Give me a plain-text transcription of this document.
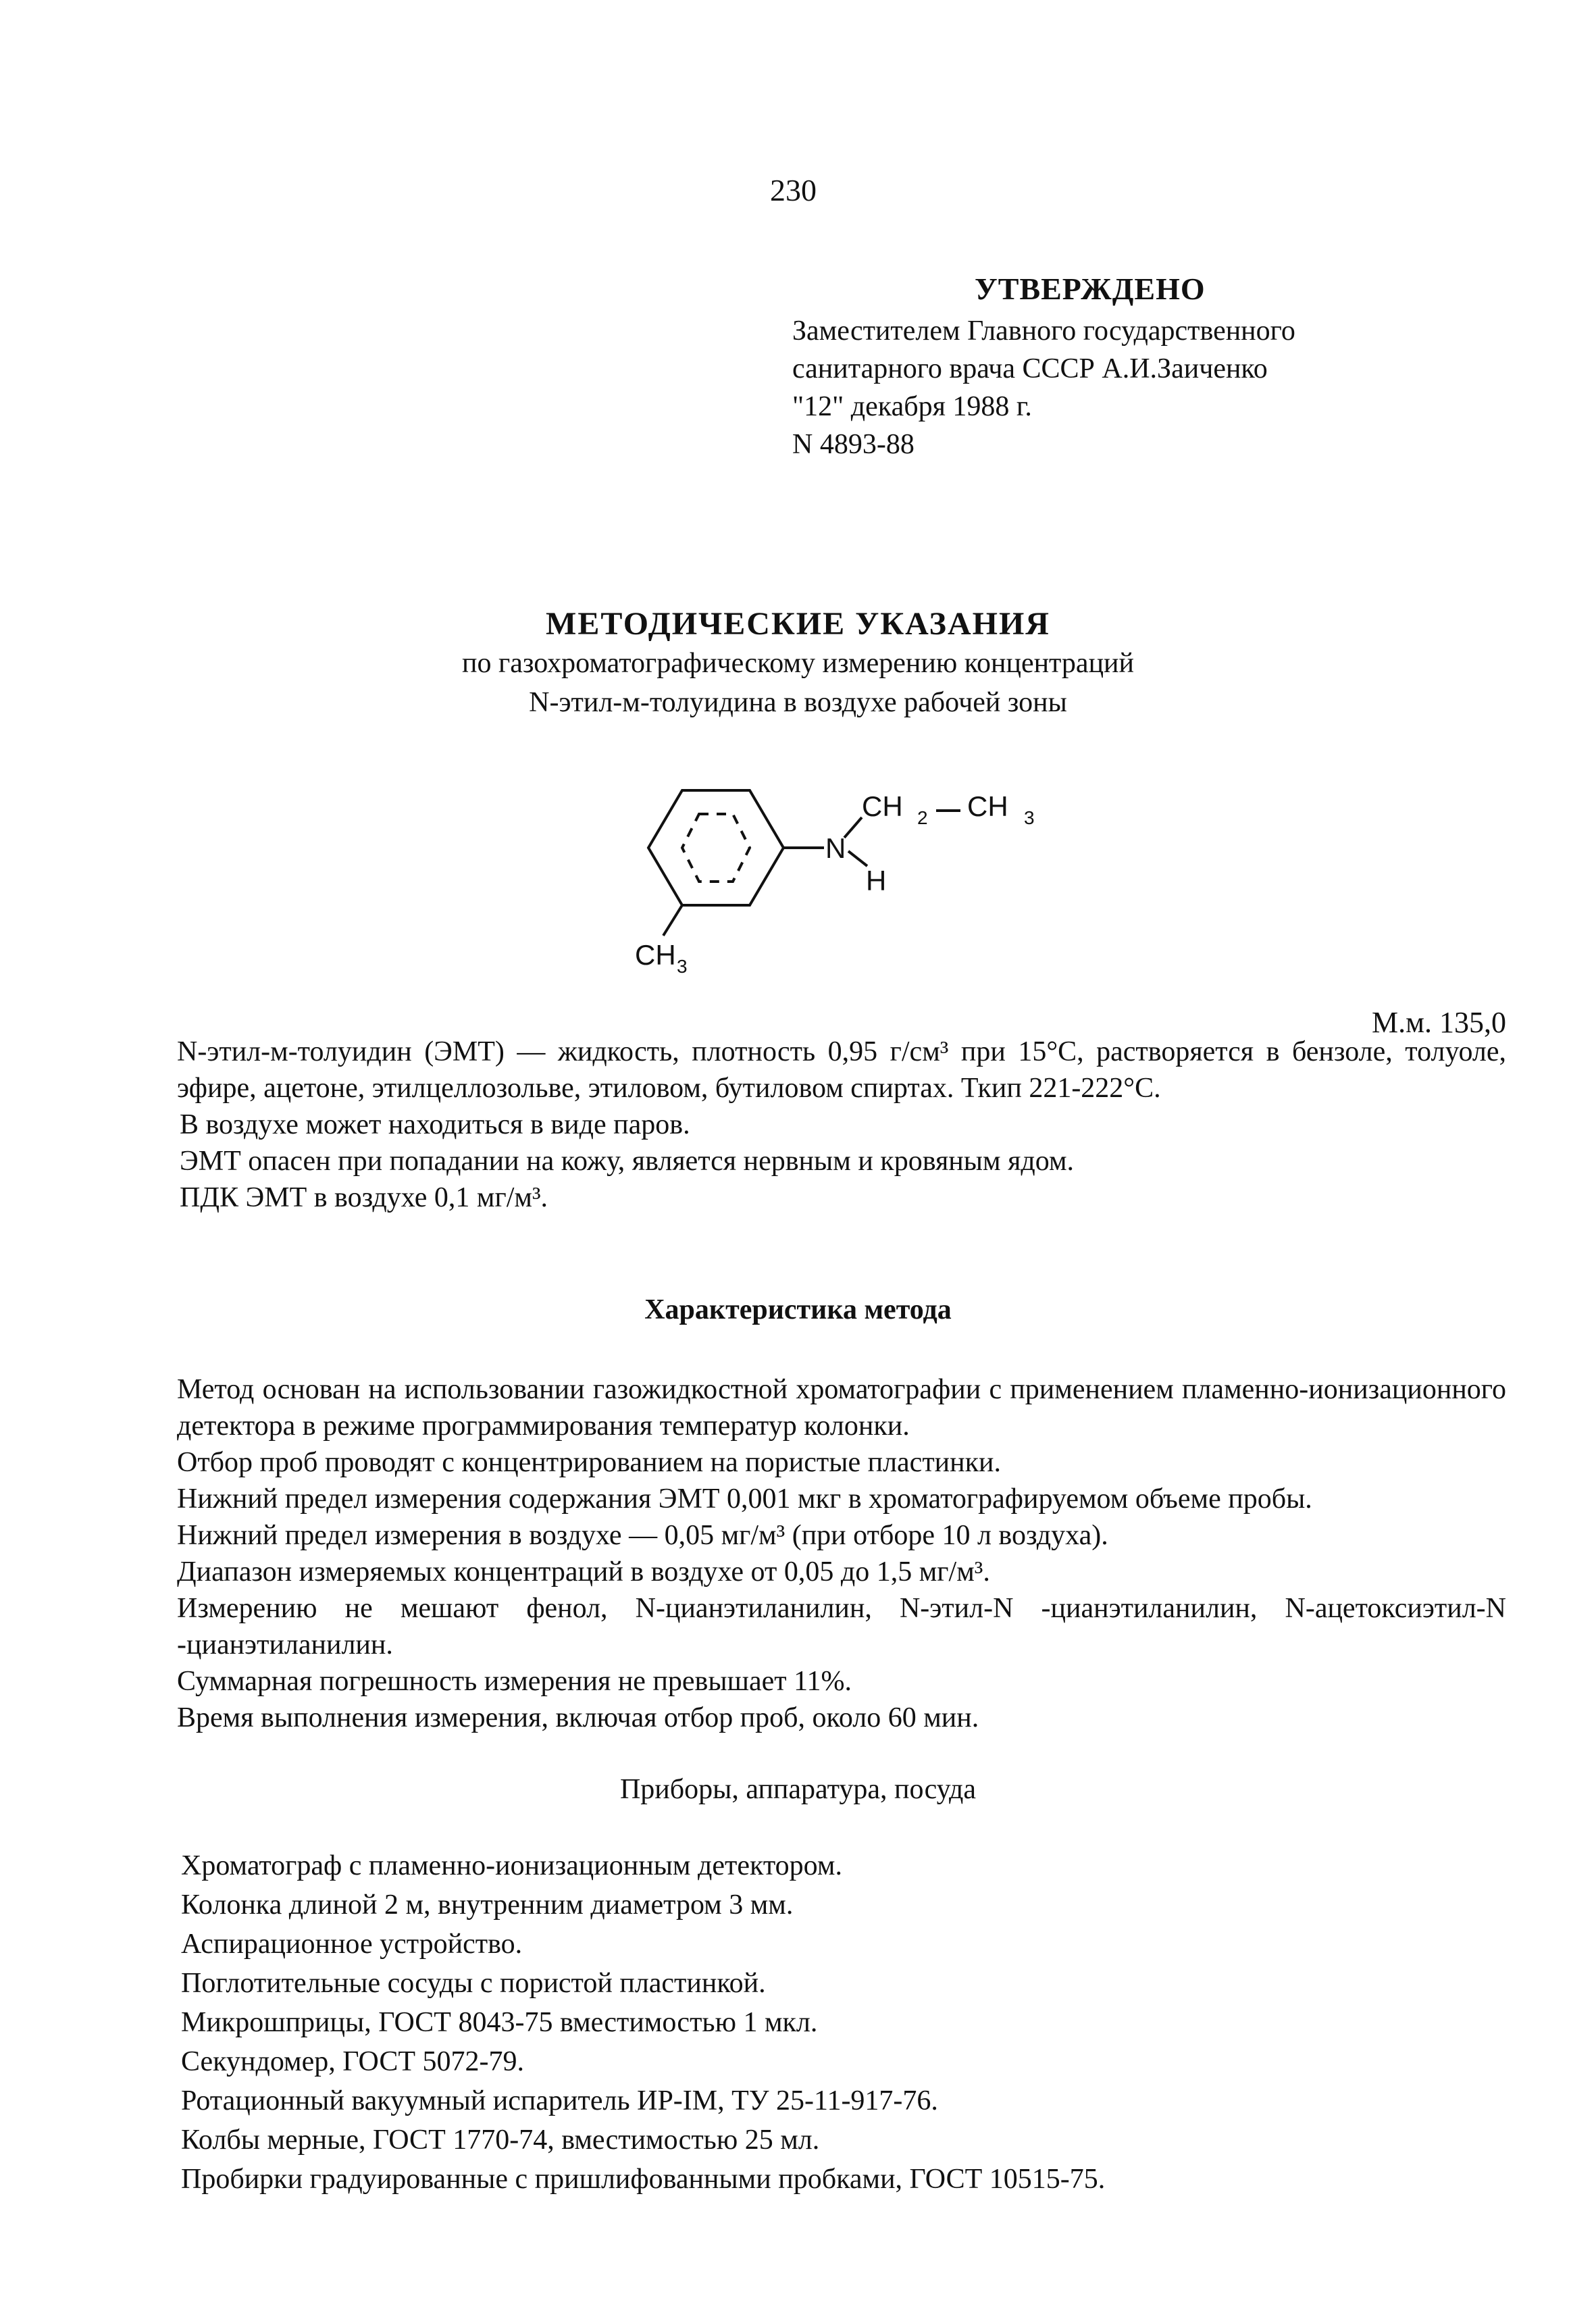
230
УТВЕРЖДЕНО
Заместителем Главного государственного
санитарного врача СССР А.И.Заиченко
"12" декабря 1988 г.
N 4893-88
МЕТОДИЧЕСКИЕ УКАЗАНИЯ
по газохроматографическому измерению концентраций
N-этил-м-толуидина в воздухе рабочей зоны
N
CH 2 CH 3
H
CH 3
М.м. 135,0

N-этил-м-толуидин (ЭМТ) — жидкость, плотность 0,95 г/см³ при 15°С, растворяется в бензоле, толуоле, эфире, ацетоне, этилцеллозольве, этиловом, бутиловом спиртах. Ткип 221-222°С.

В воздухе может находиться в виде паров.

ЭМТ опасен при попадании на кожу, является нервным и кровяным ядом.

ПДК ЭМТ в воздухе 0,1 мг/м³.

Характеристика метода

Метод основан на использовании газожидкостной хроматографии с применением пламенно-ионизационного детектора в режиме программирования температур колонки.

Отбор проб проводят с концентрированием на пористые пластинки.

Нижний предел измерения содержания ЭМТ 0,001 мкг в хроматографируемом объеме пробы.

Нижний предел измерения в воздухе — 0,05 мг/м³ (при отборе 10 л воздуха).

Диапазон измеряемых концентраций в воздухе от 0,05 до 1,5 мг/м³.

Измерению не мешают фенол, N-цианэтиланилин, N-этил-N -цианэтиланилин, N-ацетоксиэтил-N -цианэтиланилин.

Суммарная погрешность измерения не превышает 11%.

Время выполнения измерения, включая отбор проб, около 60 мин.

Приборы, аппаратура, посуда
Хроматограф с пламенно-ионизационным детектором.
Колонка длиной 2 м, внутренним диаметром 3 мм.
Аспирационное устройство.
Поглотительные сосуды с пористой пластинкой.
Микрошприцы, ГОСТ 8043-75 вместимостью 1 мкл.
Секундомер, ГОСТ 5072-79.
Ротационный вакуумный испаритель ИР-IM, ТУ 25-11-917-76.
Колбы мерные, ГОСТ 1770-74, вместимостью 25 мл.
Пробирки градуированные с пришлифованными пробками, ГОСТ 10515-75.
